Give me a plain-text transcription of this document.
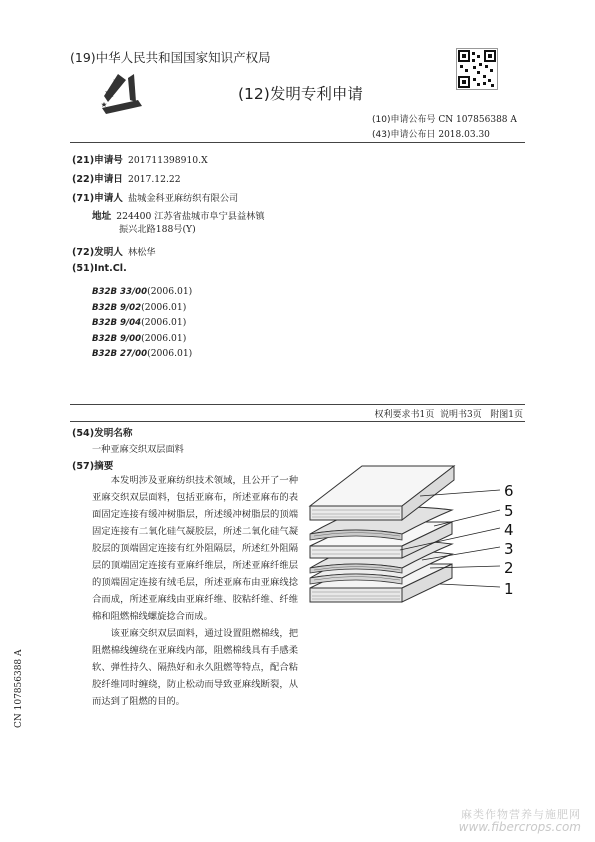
(19)中华人民共和国国家知识产权局
(12)发明专利申请
(10)申请公布号 CN 107856388 A
(43)申请公布日 2018.03.30
(21)申请号 201711398910.X
(22)申请日 2017.12.22
(71)申请人 盐城金科亚麻纺织有限公司
地址 224400 江苏省盐城市阜宁县益林镇
振兴北路188号(Y)
(72)发明人 林松华
(51)Int.Cl.
B32B 33/00(2006.01)
B32B 9/02(2006.01)
B32B 9/04(2006.01)
B32B 9/00(2006.01)
B32B 27/00(2006.01)
权利要求书1页  说明书3页   附图1页
(54)发明名称
一种亚麻交织双层面料
(57)摘要

本发明涉及亚麻纺织技术领域，且公开了一种亚麻交织双层面料，包括亚麻布，所述亚麻布的表面固定连接有缓冲树脂层，所述缓冲树脂层的顶端固定连接有二氧化硅气凝胶层，所述二氧化硅气凝胶层的顶端固定连接有红外阻隔层，所述红外阻隔层的顶端固定连接有亚麻纤维层，所述亚麻纤维层的顶端固定连接有绒毛层，所述亚麻布由亚麻线捻合而成，所述亚麻线由亚麻纤维、胶粘纤维、纤维棉和阻燃棉线螺旋捻合而成。

该亚麻交织双层面料，通过设置阻燃棉线，把阻燃棉线缠绕在亚麻线内部，阻燃棉线具有手感柔软、弹性持久、隔热好和永久阻燃等特点，配合粘胶纤维同时缠绕，防止松动而导致亚麻线断裂，从而达到了阻燃的目的。

6
5
4
3
2
1
CN 107856388 A
麻类作物营养与施肥网
www.fibercrops.com
